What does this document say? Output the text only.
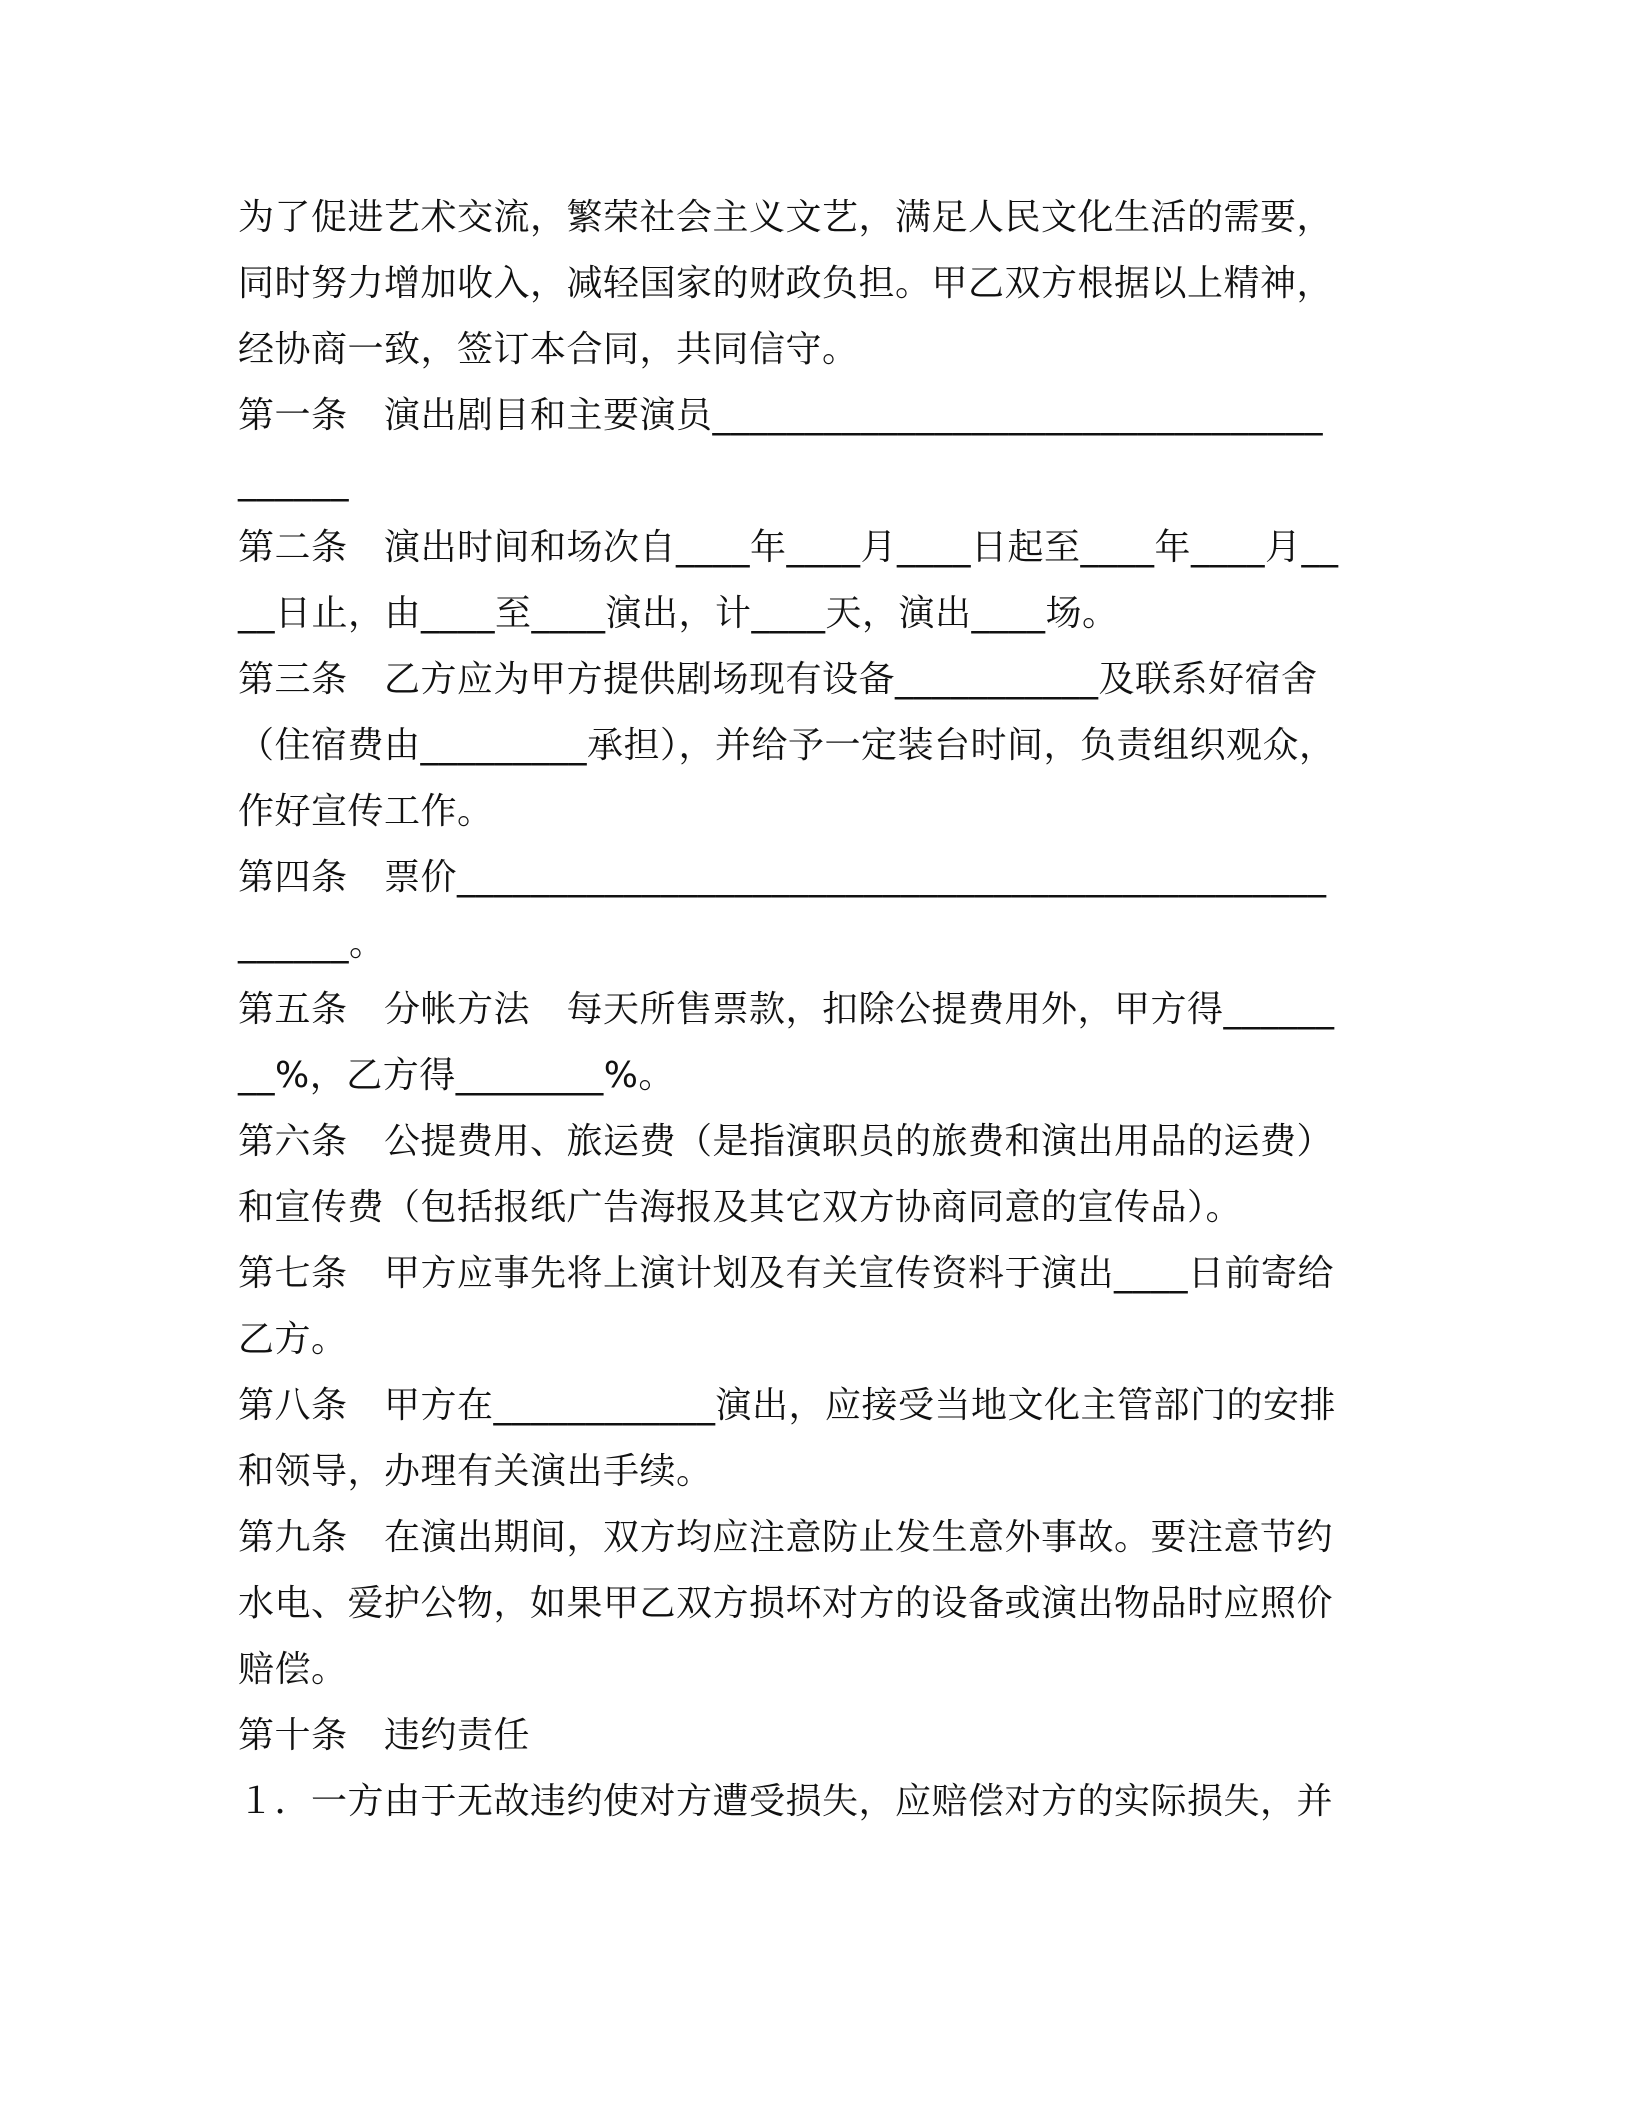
为了促进艺术交流，繁荣社会主义文艺，满足人民文化生活的需要，
同时努力增加收入，减轻国家的财政负担。甲乙双方根据以上精神，
经协商一致，签订本合同，共同信守。
第一条　演出剧目和主要演员_________________________________
______
第二条　演出时间和场次自____年____月____日起至____年____月__
__日止，由____至____演出，计____天，演出____场。
第三条　乙方应为甲方提供剧场现有设备___________及联系好宿舍
（住宿费由_________承担），并给予一定装台时间，负责组织观众，
作好宣传工作。
第四条　票价_______________________________________________
______。
第五条　分帐方法　每天所售票款，扣除公提费用外，甲方得______
__%，乙方得________%。
第六条　公提费用、旅运费（是指演职员的旅费和演出用品的运费）
和宣传费（包括报纸广告海报及其它双方协商同意的宣传品）。
第七条　甲方应事先将上演计划及有关宣传资料于演出____日前寄给
乙方。
第八条　甲方在____________演出，应接受当地文化主管部门的安排
和领导，办理有关演出手续。
第九条　在演出期间，双方均应注意防止发生意外事故。要注意节约
水电、爱护公物，如果甲乙双方损坏对方的设备或演出物品时应照价
赔偿。
第十条　违约责任
１．一方由于无故违约使对方遭受损失，应赔偿对方的实际损失，并
